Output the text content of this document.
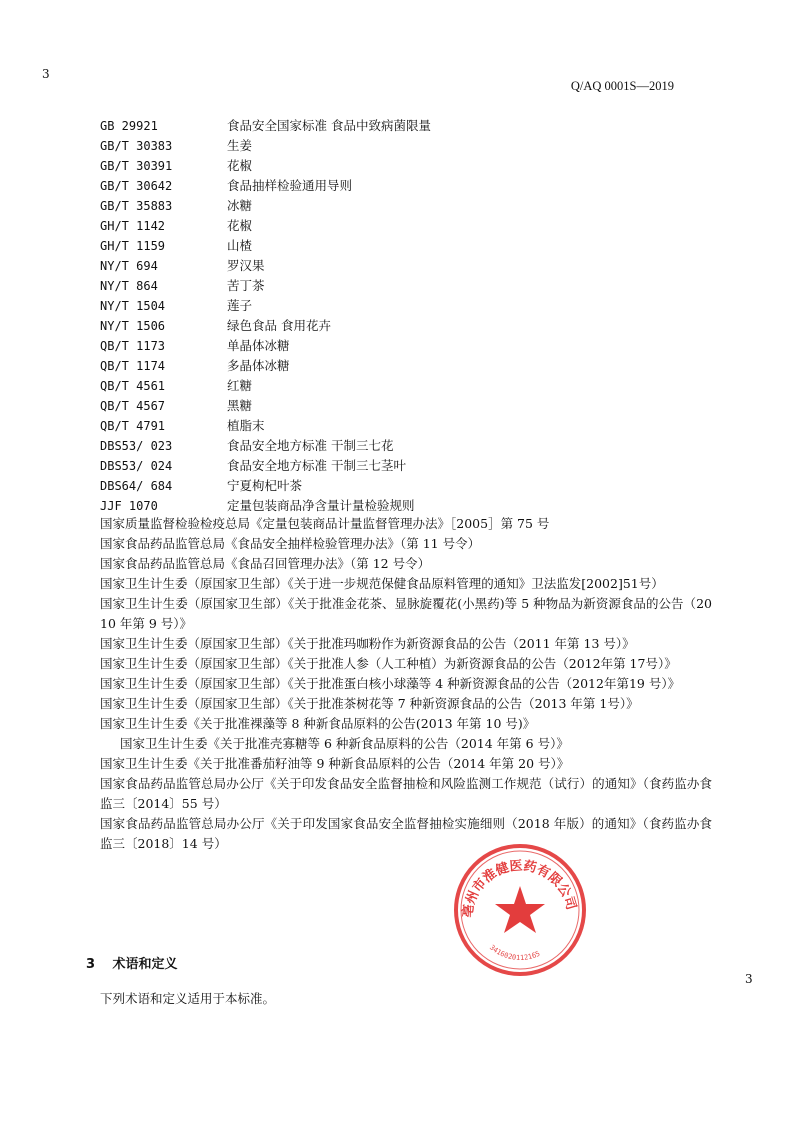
3
Q/AQ 0001S—2019
GB 29921	食品安全国家标准 食品中致病菌限量
GB/T 30383	生姜
GB/T 30391	花椒
GB/T 30642	食品抽样检验通用导则
GB/T 35883	冰糖
GH/T 1142	花椒
GH/T 1159	山楂
NY/T 694	罗汉果
NY/T 864	苦丁茶
NY/T 1504	莲子
NY/T 1506	绿色食品 食用花卉
QB/T 1173	单晶体冰糖
QB/T 1174	多晶体冰糖
QB/T 4561	红糖
QB/T 4567	黑糖
QB/T 4791	植脂末
DBS53/ 023	食品安全地方标准 干制三七花
DBS53/ 024	食品安全地方标准 干制三七茎叶
DBS64/ 684	宁夏枸杞叶茶
JJF 1070	定量包装商品净含量计量检验规则
国家质量监督检验检疫总局《定量包装商品计量监督管理办法》［2005］第 75 号
国家食品药品监管总局《食品安全抽样检验管理办法》（第 11 号令）
国家食品药品监管总局《食品召回管理办法》（第 12 号令）
国家卫生计生委（原国家卫生部）《关于进一步规范保健食品原料管理的通知》卫法监发[2002]51号）
国家卫生计生委（原国家卫生部）《关于批准金花茶、显脉旋覆花(小黑药)等 5 种物品为新资源食品的公告（2010 年第 9 号）》
国家卫生计生委（原国家卫生部）《关于批准玛咖粉作为新资源食品的公告（2011 年第 13 号）》
国家卫生计生委（原国家卫生部）《关于批准人参（人工种植）为新资源食品的公告（2012年第 17号）》
国家卫生计生委（原国家卫生部）《关于批准蛋白核小球藻等 4 种新资源食品的公告（2012年第19 号）》
国家卫生计生委（原国家卫生部）《关于批准茶树花等 7 种新资源食品的公告（2013 年第 1号）》
国家卫生计生委《关于批准裸藻等 8 种新食品原料的公告(2013 年第 10 号)》
国家卫生计生委《关于批准壳寡糖等 6 种新食品原料的公告（2014 年第 6 号）》
国家卫生计生委《关于批准番茄籽油等 9 种新食品原料的公告（2014 年第 20 号）》
国家食品药品监管总局办公厅《关于印发食品安全监督抽检和风险监测工作规范（试行）的通知》（食药监办食监三〔2014〕55 号）
国家食品药品监管总局办公厅《关于印发国家食品安全监督抽检实施细则（2018 年版）的通知》（食药监办食监三〔2018〕14 号）
3 术语和定义
下列术语和定义适用于本标准。
3
亳州市淮健医药有限公司
3416020112165
